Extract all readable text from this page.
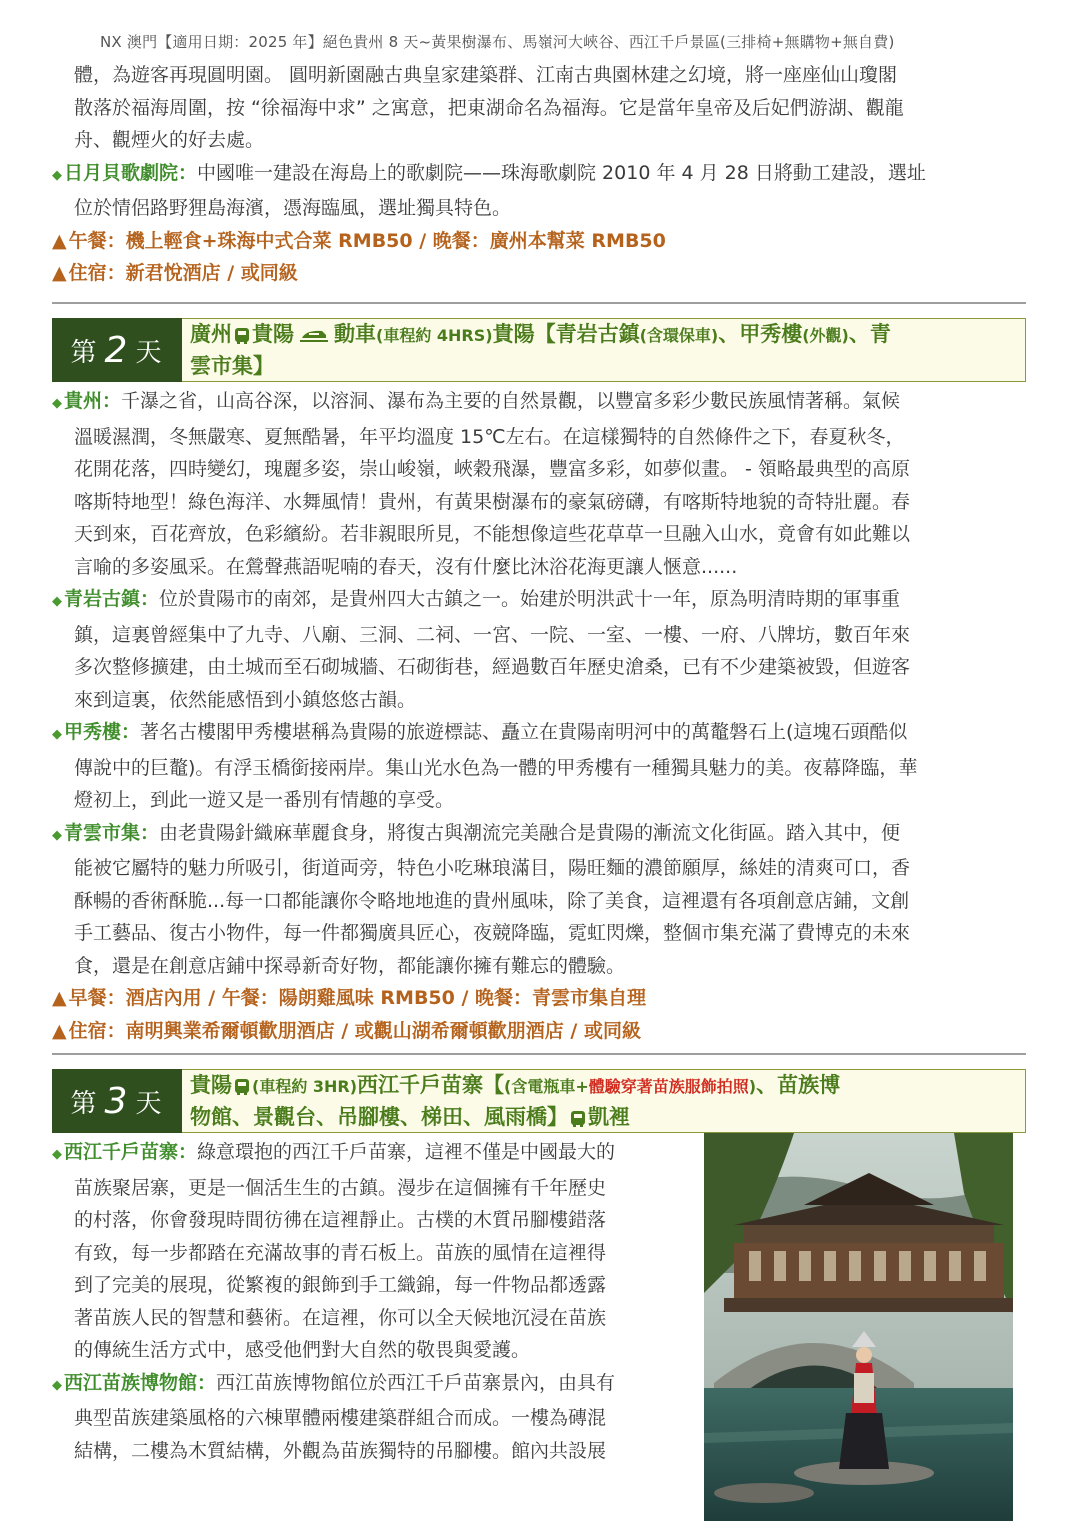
NX 澳門【適用日期：2025 年】絕色貴州 8 天~黃果樹瀑布、馬嶺河大峽谷、西江千戶景區(三排椅+無購物+無自費)
體，為遊客再現圓明園。 圓明新園融古典皇家建築群、江南古典園林建之幻境，將一座座仙山瓊閣
散落於福海周圍，按 “徐福海中求” 之寓意，把東湖命名為福海。它是當年皇帝及后妃們游湖、觀龍
舟、觀煙火的好去處。
◆ 日月貝歌劇院：中國唯一建設在海島上的歌劇院——珠海歌劇院 2010 年 4 月 28 日將動工建設，選址
位於情侶路野狸島海濱，憑海臨風，選址獨具特色。
▲ 午餐：機上輕食+珠海中式合菜 RMB50 / 晚餐：廣州本幫菜 RMB50
▲ 住宿：新君悅酒店 / 或同級
第 2 天
廣州 貴陽 動車(車程約 4HRS)貴陽【青岩古鎮(含環保車)、甲秀樓(外觀)、青
雲市集】
◆ 貴州：千瀑之省，山高谷深，以溶洞、瀑布為主要的自然景觀，以豐富多彩少數民族風情著稱。氣候
溫暖濕潤，冬無嚴寒、夏無酷暑，年平均溫度 15℃左右。在這樣獨特的自然條件之下，春夏秋冬，
花開花落，四時變幻，瑰麗多姿，崇山峻嶺，峽穀飛瀑，豐富多彩，如夢似畫。 - 領略最典型的高原
喀斯特地型！綠色海洋、水舞風情！貴州，有黃果樹瀑布的豪氣磅礴，有喀斯特地貌的奇特壯麗。春
天到來，百花齊放，色彩繽紛。若非親眼所見，不能想像這些花草草一旦融入山水，竟會有如此難以
言喻的多姿風采。在鶯聲燕語呢喃的春天，沒有什麼比沐浴花海更讓人愜意......
◆ 青岩古鎮：位於貴陽市的南郊，是貴州四大古鎮之一。始建於明洪武十一年，原為明清時期的軍事重
鎮，這裏曾經集中了九寺、八廟、三洞、二祠、一宮、一院、一室、一樓、一府、八牌坊，數百年來
多次整修擴建，由土城而至石砌城牆、石砌街巷，經過數百年歷史滄桑，已有不少建築被毀，但遊客
來到這裏，依然能感悟到小鎮悠悠古韻。
◆ 甲秀樓：著名古樓閣甲秀樓堪稱為貴陽的旅遊標誌、矗立在貴陽南明河中的萬鼇磐石上(這塊石頭酷似
傳說中的巨鼇)。有浮玉橋銜接兩岸。集山光水色為一體的甲秀樓有一種獨具魅力的美。夜幕降臨，華
燈初上，到此一遊又是一番別有情趣的享受。
◆ 青雲市集：由老貴陽針織麻華麗食身，將復古與潮流完美融合是貴陽的漸流文化街區。踏入其中，便
能被它屬特的魅力所吸引，街道両旁，特色小吃琳琅滿目，陽旺麵的濃節願厚，絲娃的清爽可口，香
酥暢的香術酥脆...每一口都能讓你令略地地進的貴州風味，除了美食，這裡還有各項創意店鋪，文創
手工藝品、復古小物件，每一件都獨廣具匠心，夜競降臨，霓虹閃爍，整個市集充滿了費博克的未來
食，還是在創意店鋪中探尋新奇好物，都能讓你擁有難忘的體驗。
▲ 早餐：酒店內用 / 午餐：陽朗雞風味 RMB50 / 晚餐：青雲市集自理
▲ 住宿：南明興業希爾頓歡朋酒店 / 或觀山湖希爾頓歡朋酒店 / 或同級
第 3 天
貴陽 (車程約 3HR)西江千戶苗寨【(含電瓶車+體驗穿著苗族服飾拍照)、苗族博
物館、景觀台、吊腳樓、梯田、風雨橋】 凱裡
◆ 西江千戶苗寨：綠意環抱的西江千戶苗寨，這裡不僅是中國最大的
苗族聚居寨，更是一個活生生的古鎮。漫步在這個擁有千年歷史
的村落，你會發現時間彷彿在這裡靜止。古樸的木質吊腳樓錯落
有致，每一步都踏在充滿故事的青石板上。苗族的風情在這裡得
到了完美的展現，從繁複的銀飾到手工織錦，每一件物品都透露
著苗族人民的智慧和藝術。在這裡，你可以全天候地沉浸在苗族
的傳統生活方式中，感受他們對大自然的敬畏與愛護。
◆ 西江苗族博物館：西江苗族博物館位於西江千戶苗寨景內，由具有
典型苗族建築風格的六棟單體兩樓建築群組合而成。一樓為磚混
結構，二樓為木質結構，外觀為苗族獨特的吊腳樓。館內共設展
